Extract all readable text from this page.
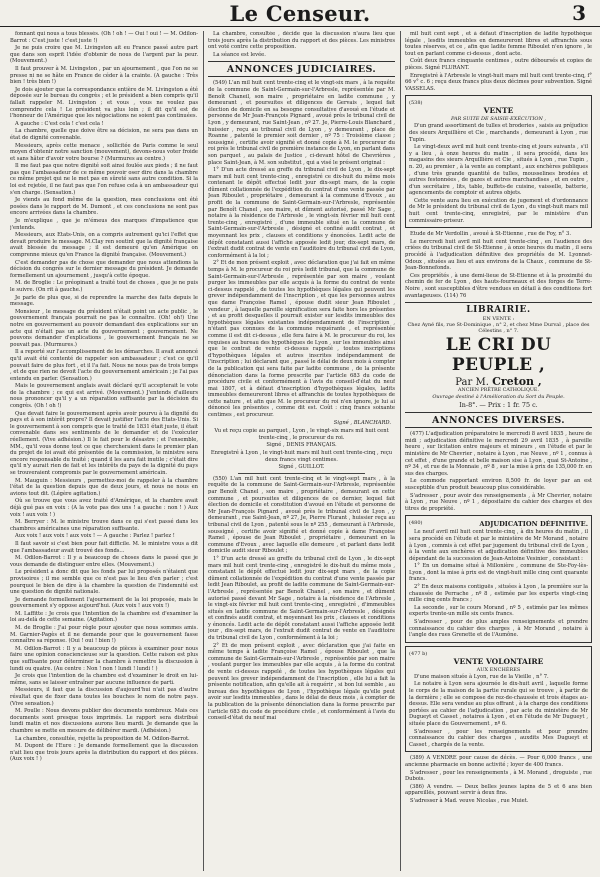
Le Censeur.	3

fonnant qui nous a tous blessés. (Oh ! oh ! — Oui ! oui ! — M. Odilon-Barrot : C'est juste ! c'est juste !)

Je ne puis croire que M. Livingston ait eu France passé autre part que dans son esprit l'idée d'obtenir de nous de l'argent par la peur. (Mouvement.)

Il faut prouver à M. Livingston , par un ajournement , que l'on ne se presse ni ne se hâte en France de céder à la crainte. (A gauche : Très bien ! très bien !)

Je dois ajouter que la correspondance entière de M. Livingston a été déposée sur le bureau du congrès ; et le président a bien compris qu'il fallait rappeler M. Livingston ; et vous , vous ne voulez pas comprendre cela ! Le président va plus loin ; il dit qu'il est de l'honneur de l'Amérique que les négociations ne soient pas continuées.

A gauche : C'est cela ! c'est cela !

La chambre, quelle que doive être sa décision, ne sera pas dans un état de dignité convenable.

Messieurs, après cette menace , sollicitée de Paris comme le seul moyen d'obtenir notre sanction (mouvement), devons-nous voter froide et sans hâter d'avoir votre bourse ? (Murmures au centre.)

Il me faut pas que notre dignité soit ainsi foulée aux pieds ; il ne faut pas que l'ambassadeur de ce même pouvoir oser dire dans la chambre ce même projet qui ne le met pas en sûreté sans autre condition. Si la loi est rejetée, il ne faut pas que l'on refuse cela à un ambassadeur qui s'en charge. (Sensation.)

Je viends au fond même de la question, mes conclusions ont été posées dans le rapport de M. Dumont , et ces conclusions ne sont pas encore arrivées dans la chambre.

Je m'explique , que je m'émeus des marques d'impatience que j'entends.

Messieurs, aux Etats-Unis, on a compris autrement qu'ici l'effet que devait produire le message. M.Clay ren soutint que la dignité française avait blessée du message ; il est demeuré qu'en Amérique on comprenne mieux qu'en France la dignité française. (Mouvement.)

C'est demander pas de chose que demander que nous attendions la décision du congrès sur le dernier message du président. Je demande formellement un ajournement , jusqu'à cette époque.

M. de Broglie : Le préopinant a traité tout de choses , que je ne puis le suivre. (On rit à gauche.)

Je parle de plus que, si de reprendre la marche des faits depuis le message.

Monsieur , le message du président n'était point un acte public , le gouvernement français pourrait ne pas le connaître. (Oh! oh!) Une notre en gouvernement au pouvoir demandant des explications sur un acte qui n'était pas un acte du gouvernement ; gouvernement. Ne pouvons demander d'explications , le gouvernement français ne se pouvait pas. (Murmures.)

Il a reporté sur l'accomplissement de les démarches. Il avait annoncé qu'il avait été contenté de rappeler son ambassadeur ; c'est ce qu'il pouvait faire de plus fort , et il l'a fait. Nous ne nous pas de trois temps , et de que rien ne devoit l'acte du gouvernement américain ; je l'ai pas entendu en parler. (Sensation.)

Mais le gouvernement anglais avait déclaré qu'il accepterait le vote de la chambre ; ce qui est arrivé. (Mouvement.) J'entends d'ailleurs nous prononcer qu'il y a un réparation suffisante par la décision du congrès. (Oh ! oh !)

Que devait faire le gouvernement après avoir pourvu à la dignité du pays et à son intérêt propre? Il devait justifier l'acte des Etats-Unis. Si le gouvernement à son compris que le traité de 1831 était juste, il était convenable dans ses sentiments de le demander et de l'exécuter réellement. (Vive adhésion.) Il le fait pour le désastre ; et l'ensemble, MM., qu'il vous donne tout ce que chercheraient dans le premier plan du projet de loi avait été présentée de la commission, le ministre sera encore responsable du traité ; quand il les aura fait inutile ; c'était dire qu'il n'y aurait rien de fait et les intérêts du pays de la dignité du pays se trouveraient compromis par le gouvernement américain.

M. Mauguin : Messieurs , permettez-moi de rappeler à la chambre l'état de la question depuis que de deux jours, et nous ne nous en avions tout dit. (Légère agitation.)

Où se trouve que vous avez traité d'Amérique, et la chambre avait déjà gué pas en voix : (A la vote pas des uns ! a gauche : non ! ) Aux voix ! aux voix ! )

M. Berryer : M. le ministre trouve dans ce qui s'est passé dans les chambres américaines une réparation suffisante.

Aux voix ! aux voix ! aux voix ! — A gauche : Parlez ! parlez !

Il faut savoir si c'est bien pour fait difficile. M. le ministre vous a dit que l'ambassadeur avait trouvé des fonds...

M. Odilon-Barrot : Il y a beaucoup de choses dans le passé que je vous demande de distinguer entre elles. (Mouvement.)

Le président a donc dit que les fonds par lui proposés n'étaient que provisoires ; il me semble que ce n'est pas le lieu d'en parler ; c'est pourquoi le bien de dire à la chambre la question de l'indemnité est une question de dignité nationale.

Je demande formellement l'ajournement de la loi proposée, mais le gouvernement s'y oppose aujourd'hui. (Aux voix ! aux voix !)

M. Laffitte : Je crois que l'intention de la chambre est d'examiner la loi au-delà de cette semaine. (Agitation.)

M. de Broglie : J'ai pour règle pour ajouter que nous sommes amis. M. Garnier-Pagès et il ne demande pour que le gouvernement fasse connaître sa réponse. (Oui ! oui ! bien !)

M. Odilon-Barrot : Il y a beaucoup de pièces à examiner pour nous faire une opinion consciencieuse sur la question. Cette raison est plus que suffisante pour déterminer la chambre à remettre la discussion à lundi ou quatre. (Au centre : Non ! non ! lundi ! lundi ! )

Je crois que l'intention de la chambre est d'examiner le droit en lui-même, sans se laisser entraîner par aucune influence de parti.

Messieurs, il faut que la discussion d'aujourd'hui n'ait pas d'autre résultat que de fixer dans toutes les bouches le nom de notre pays. (Vive sensation.)

M. Poulle : Nous devons publier des documents nombreux. Mais ces documents sont presque tous imprimés. Le rapport sera distribué lundi matin et nos discussions aurons lieu mardi. Je demande que la chambre se mette en mesure de délibérer mardi. (Adhésion.)

La chambre, consultée, rejette la proposition de M. Odilon-Barrot.

M. Dupont de l'Eure : Je demande formellement que la discussion n'ait lieu que trois jours après la distribution du rapport et des pièces. (Aux voix ! )

La chambre, consultée , décide que la discussion n'aura lieu que trois jours après la distribution du rapport et des pièces. Les ministres ont voté contre cette proposition.

La séance est levée.

ANNONCES JUDICIAIRES.

(549) L'an mil huit cent trente-cinq et le vingt-six mars , à la requête de la commune de Saint-Germain-sur-l'Arbresle, représentée par M. Benoît Chaneil, son maire , propriétaire en ladite commune , y demeurant , et poursuites et diligences de Gervais , lequel fait élection de domicile en sa besogne consultative d'avoué en l'étude et personne de Mr Jean-François Pignard , avoué près le tribunal civil de Lyon , y demeurant, rue Saint-Jean , nº 27. Je, Pierre-Louis Blanchard , huissier , reçu au tribunal civil de Lyon , y demeurant , place de Roanne , patenté le premier soit dernier , nº 75 : Troisième classe ; soussigné , certifie avoir signifié et donné copie à M. le procureur du roi près le tribunal civil de première instance de Lyon, en parlant dans son parquet , au palais de Justice , ci-devant hôtel de Chevrières , place Saint-Jean, à M. son substitut , qui a visé le présent original :

1° D'un acte dressé au greffe du tribunal civil de Lyon , le dix-sept mars mil huit cent trente-cinq , enregistré ce dix-huit du même mois contenant le dépôt effectué ledit jour dix-sept mars, de la copie dûment collationnée de l'expédition du contrat d'une vente passée par Jean Riboulet , propriétaire , demeurant à la commune d'Evoux , au profit de la commune de Saint-Germain-sur-l'Arbresle, représentée par Benoît Chanel , son maire, et dûment autorisé, passé Mr Sage , notaire à la résidence de l'Arbresle , le vingt-six février mil huit cent trente-cinq , enregistré , d'une immeuble situé en la commune de Saint-Germain-sur-l'Arbresle , désigné et confiné audit contrat , et moyennant les prix , clauses et conditions y énoncées. Ledit acte de dépôt constatant aussi l'affiche apposée ledit jour, dix-sept mars, de l'extrait dudit contrat de vente en l'auditoire du tribunal civil de Lyon, conformément à la loi ;

2° Et de mon présent exploit , avec déclaration que j'ai fait en même temps à M. le procureur du roi près ledit tribunal, que la commune de Saint-Germain-sur-l'Arbresle , représentée par son maire , voulant purger les immeubles par elle acquis à la forme du contrat de vente ci-dessus rappelé , de toutes les hypothèques légales qui peuvent les grever indépendamment de l'inscription , et que les personnes autres que dame Françoise Ramel , épouse dudit sieur Jean Riboulet , vendeur , à laquelle pareille signification sera faite hors les présentes , et au profit desquelles il pourrait exister sur lesdits immeubles des hypothèques légales existantes indépendamment de l'inscription , n'étant pas connues de la commune requérante , et représentée comme il est dit ci-dessus , elle fera faire à M. le procureur du roi, les requises au bureau des hypothèques de Lyon , sur les immeubles ainsi que le contrat de vente ci-dessus rappelé , toutes inscriptions d'hypothèques légales et autres inscrites indépendamment de l'inscription ; lui déclarant que , passé le délai de deux mois à compter de la publication qui sera faite par ladite commune , de la présente dénonciation dans la forme prescrite par l'article 683 du code de procédure civile et conformément à l'avis du conseil-d'état du neuf mai 1807, et à défaut d'inscription d'hypothèques légales, ladits immeubles demeureront libres et affranchis de toutes hypothèques de cette nature , et afin que M. le procureur du roi n'en ignore, je lui ai dénoncé les présentes , comme dit est. Coût : cinq francs soixante centimes , est procureur.

Signé , BLANCHARD.

Vu et reçu copie au parquet , Lyon , le vingt-six mars mil huit cent trente-cinq , le procureur du roi.

Signé , DENIS FRANÇAIS.

Enregistré à Lyon , le vingt-huit mars mil huit cent trente-cinq , reçu deux francs vingt centimes.

Signé , GUILLOT.

(550) L'an mil huit cent trente-cinq et le vingt-sept mars , à la requête de la commune de Saint-Germain-sur-l'Arbresle, représentée par Benoît Chanel , son maire , propriétaire , demeurant en cette commune , et poursuites et diligences de ce dernier, lequel fait élection de domicile et constitution d'avoué en l'étude et personne de Mr Jean-François Pignard , avoué près le tribunal civil de Lyon , y demeurant , rue Saint-Jean, nº 27, Je, Pierre Flurant , huissier reçu au tribunal civil de Lyon , patenté sous le nº 255 , demeurant à l'Arbresle, soussigné , certifie avoir signifié et donné copie à dame Françoise Ramel , épouse de Jean Riboulet , propriétaire , demeurant en la commune d'Evoux , avec laquelle elle demeure , et parlant dans ledit domicile audit sieur Riboulet ;

1° D'un acte dressé au greffe du tribunal civil de Lyon , le dix-sept mars mil huit cent trente-cinq , enregistré le dix-huit du même mois , constatant le dépôt effectué ledit jour dix-sept mars , de la copie dûment collationnée de l'expédition du contrat d'une vente passée par ledit Jean Riboulet, au profit de ladite commune de Saint-Germain-sur-l'Arbresle , représentée par Benoît Chanel , son maire , et dûment autorisé passé devant Mr Sage , notaire à la résidence de l'Arbresle , le vingt-six février mil huit cent trente-cinq , enregistré , d'immeubles situés en ladite commune de Saint-Germain-sur-l'Arbresle , désignés et confinés audit contrat, et moyennant les prix , clauses et conditions y énoncés. Ledit acte de dépôt constatant aussi l'affiche apposée ledit jour , dix-sept mars, de l'extrait dudit contrat de vente en l'auditoire du tribunal civil de Lyon , conformément à la loi ;

2° Et de mon présent exploit , avec déclaration que j'ai faite en même temps à ladite Françoise Ramel , épouse Riboulet , que la commune de Saint-Germain-sur-l'Arbresle , représentée par son maire , voulant purger les immeubles par elle acquis , à la forme du contrat de vente ci-dessus rappelé , de toutes les hypothèques légales qui peuvent les grever indépendamment de l'inscription , elle lui a fait la présente notification, afin qu'elle ait à requérir , si bon lui semble , au bureau des hypothèques de Lyon , l'hypothèque légale qu'elle peut avoir sur lesdits immeubles , dans le délai de deux mois , à compter de la publication de la présente dénonciation dans la forme prescrite par l'article 683 du code de procédure civile , et conformément à l'avis du conseil-d'état du neuf mai

mil huit cent sept , et à défaut d'inscription de ladite hypothèque légale , lesdits immeubles en demeureront libres et affranchis sous toutes réserves, et ce , afin que ladite femme Riboulet n'en ignore , le tout en parlant comme ci-dessus , dont acte.

Coût deux francs cinquante centimes , outre déboursés et copies de pièces. Signé FLURANT.

Enregistré à l'Arbresle le vingt-huit mars mil huit cent trente-cinq, f° 66 v° c. 6 ; reçu deux francs plus deux décimes pour subvention. Signé VASSELAS.

(538)
VENTE
PAR SUITE DE SAISIE-EXÉCUTION ,

D'un grand assortiment de tulles et broderies , saisis au préjudice des sieurs Arquillière et Cie , marchands , demeurant à Lyon , rue Tupin.

Le vingt-deux avril mil huit cent trente-cinq et jours suivants , s'il y a lieu , à onze heures du matin , il sera procédé, dans les magasins des sieurs Arquillière et Cie , situés à Lyon , rue Tupin , n. 20, au premier , à la vente au comptant , aux enchères publiques , d'une très grande quantité de tulles, mousselines brodées et autres festonnées , de gazes et autres marchandises , et en outre , d'un secrétaire , lits, table, buffets-de cuisine, vaisselle, batterie, agencements de comptoir et autres objets.

Cette vente aura lieu en exécution de jugement et d'ordonnance de Mr le président du tribunal civil de Lyon , du vingt-huit mars mil huit cent trente-cinq, enregistré, par le ministère d'un commissaire-priseur.

Etude de Mr Verdollin , avoué à St-Etienne , rue de Foy, n° 3.

Le mercredi huit avril mil huit cent trente-cinq , en l'audience des criées du tribunal civil de St-Etienne , à onze heures du matin , il sera procédé à l'adjudication définitive des propriétés de M. Lyonnet-Odoux , situées au lieu et aux environs de la Chaux , commune de St-Jean-Bonnefonds.

Ces propriétés , à une demi-lieue de St-Etienne et à la proximité du chemin de fer de Lyon , des hauts-fourneaux et des forges de Terre-Noire , sont susceptibles d'être vendues en détail à des conditions fort avantageuses. (114) 76

LIBRAIRIE.

EN VENTE :

Chez Ayné fils, rue St-Dominique , n° 2, et chez Mme Durval , place des Célestins , n° 7.

LE CRI DU PEUPLE ,
Par M. Creton ,

ANCIEN PRÊTRE CATHOLIQUE.

Ouvrage destiné à l'Amélioration du Sort du Peuple.

In-8°. — Prix : 1 fr. 75 c.

ANNONCES DIVERSES.

(477) L'adjudication préparatoire le mercredi 8 avril 1835 , heure de midi ; adjudication définitive le mercredi 29 avril 1835 , à pareille heure , sur licitation entre majeurs et mineurs , en l'étude et par le ministère de Mr Chevrier , notaire à Lyon , rue Neuve , nº 1 , connus à cet effet , d'une grande et belle maison sise à Lyon , quai St-Antoine , nº 34 , et rue de la Monnaie , nº 8 , sur la mise à prix de 135,000 fr. en sus des charges.

Le commode rapportant environ 8,500 fr. de loyer par an est susceptible d'un produit beaucoup plus considérable.

S'adresser , pour avoir des renseignements , à Mr Chevrier, notaire à Lyon , rue Neuve , nº 1 , dépositaire du cahier des charges et des titres de propriété.

(480)	ADJUDICATION DÉFINITIVE.

Le neuf avril mil huit cent trente-cinq , à dix heures du matin , il sera procédé en l'étude et par le ministère de Mr Morand , notaire à Lyon , commis à cet effet par jugement du tribunal civil de Lyon , à la vente aux enchères et adjudication définitive des immeubles dépendant de la succession de Jean-Antoine Vesinier , consistant :

1° En un domaine situé à Millonière , commune de Ste-Foy-lès-Lyon , dont la mise à prix est de vingt-huit mille cinq cent quarante francs.

2° En deux maisons contiguës , situées à Lyon , la première sur la chaussée de Perrache , nº 8 , estimée par les experts vingt-cinq mille cinq cents francs ;

La seconde , sur le cours Morand , nº 5 , estimée par les mêmes experts trente-un mille six cents francs.

S'adresser , pour de plus amples renseignements et prendre connaissance du cahier des charges , à Mr Morand , notaire à l'angle des rues Grenette et de l'Aumône.

(477 b)
VENTE VOLONTAIRE
AUX ENCHÈRES

D'une maison située à Lyon, rue de la Vieille , n° 7.

Le notaire à Lyon sera ajournée le dix-huit avril , laquelle forme le corps de la maison de la partie rurale qui se trouve , à partir de la dernière ; elle se compose de rez-de-chaussée et trois étages au-dessus. Elle sera vendue au plus offrant , à la charge des conditions portées au cahier de l'adjudication , par acte du ministère de Mr Dugueyt et Casset , notaires à Lyon , et en l'étude de Mr Dugueyt , située place du Gouvernement , nº 6.

S'adresser , pour les renseignements et pour prendre connaissance du cahier des charges , auxdits Mes Dugueyt et Casset , chargés de la vente.

(389) A VENDRE pour cause de décès. — Pour 6,000 francs , une ancienne pharmacie en bonne activité ; loyer de 400 francs.

S'adresser , pour les renseignements , à M. Morand , droguiste , rue Dubois.

(386) A vendre. — Deux belles jeunes lapins de 5 et 6 ans bien appareillés, pouvant servir à deux fins.

S'adresser à Mad. veuve Nicolas , rue Muiet.
